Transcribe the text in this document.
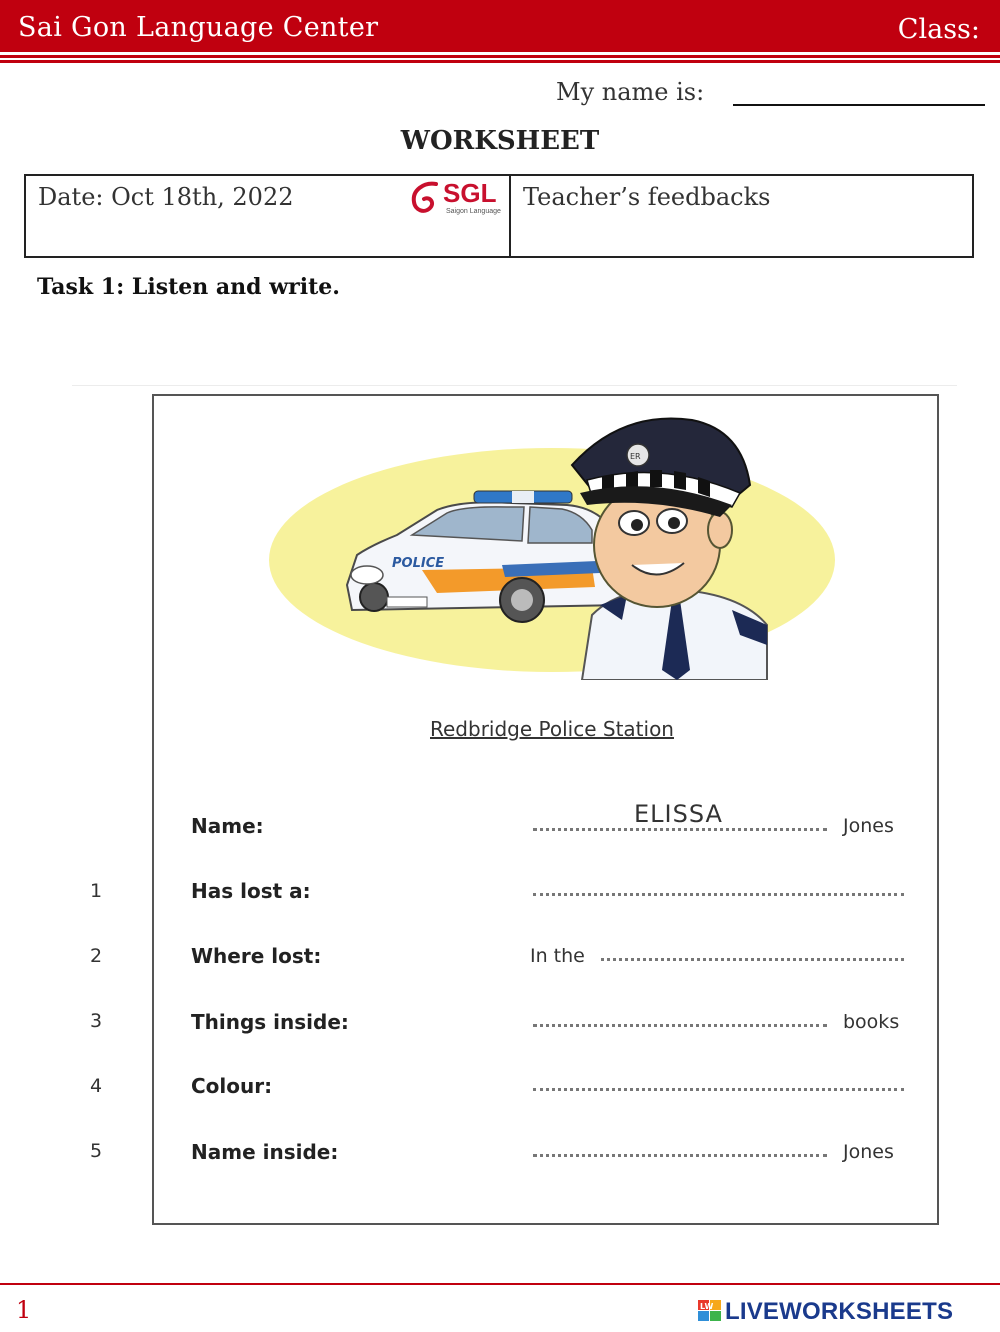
Sai Gon Language Center	Class:
My name is:
WORKSHEET
Date: Oct 18th, 2022	SGL
Saigon Language
Teacher’s feedbacks
Task 1: Listen and write.
POLICE
ER
Redbridge Police Station
ELISSA
Name:	Jones
1	Has lost a:
2	Where lost:	In the
3	Things inside:	books
4	Colour:
5	Name inside:	Jones
1	LW LIVEWORKSHEETS
